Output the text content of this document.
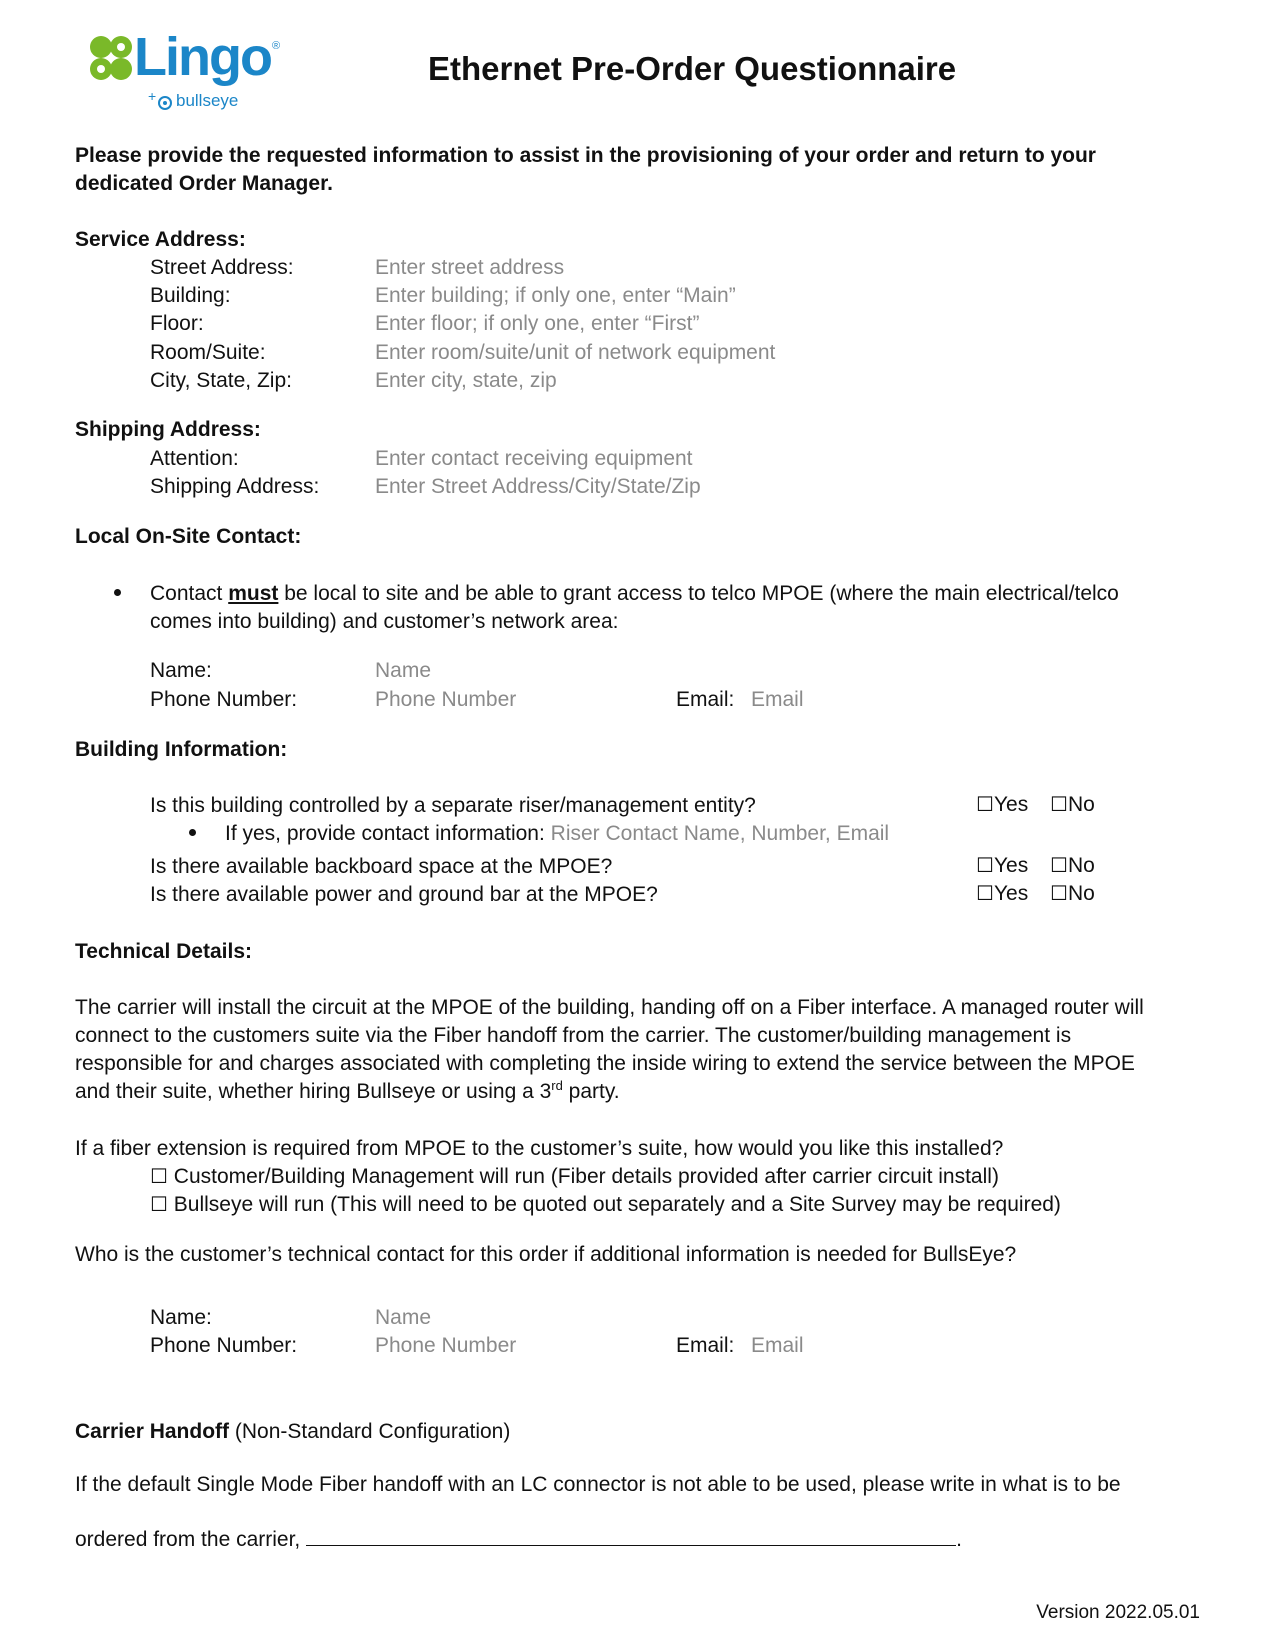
Lingo ®
+ bullseye
Ethernet Pre-Order Questionnaire
Please provide the requested information to assist in the provisioning of your order and return to your
dedicated Order Manager.
Service Address:
Street Address:	Enter street address
Building:	Enter building; if only one, enter “Main”
Floor:	Enter floor; if only one, enter “First”
Room/Suite:	Enter room/suite/unit of network equipment
City, State, Zip:	Enter city, state, zip
Shipping Address:
Attention:	Enter contact receiving equipment
Shipping Address:	Enter Street Address/City/State/Zip
Local On-Site Contact:
Contact must be local to site and be able to grant access to telco MPOE (where the main electrical/telco
comes into building) and customer’s network area:
Name:	Name
Phone Number:	Phone Number	Email: Email
Building Information:
Is this building controlled by a separate riser/management entity?	☐Yes ☐No
If yes, provide contact information: Riser Contact Name, Number, Email
Is there available backboard space at the MPOE?	☐Yes ☐No
Is there available power and ground bar at the MPOE?	☐Yes ☐No
Technical Details:
The carrier will install the circuit at the MPOE of the building, handing off on a Fiber interface. A managed router will
connect to the customers suite via the Fiber handoff from the carrier. The customer/building management is
responsible for and charges associated with completing the inside wiring to extend the service between the MPOE
and their suite, whether hiring Bullseye or using a 3rd party.
If a fiber extension is required from MPOE to the customer’s suite, how would you like this installed?
☐ Customer/Building Management will run (Fiber details provided after carrier circuit install)
☐ Bullseye will run (This will need to be quoted out separately and a Site Survey may be required)
Who is the customer’s technical contact for this order if additional information is needed for BullsEye?
Name:	Name
Phone Number:	Phone Number	Email: Email
Carrier Handoff (Non-Standard Configuration)
If the default Single Mode Fiber handoff with an LC connector is not able to be used, please write in what is to be
ordered from the carrier,	.
Version 2022.05.01
